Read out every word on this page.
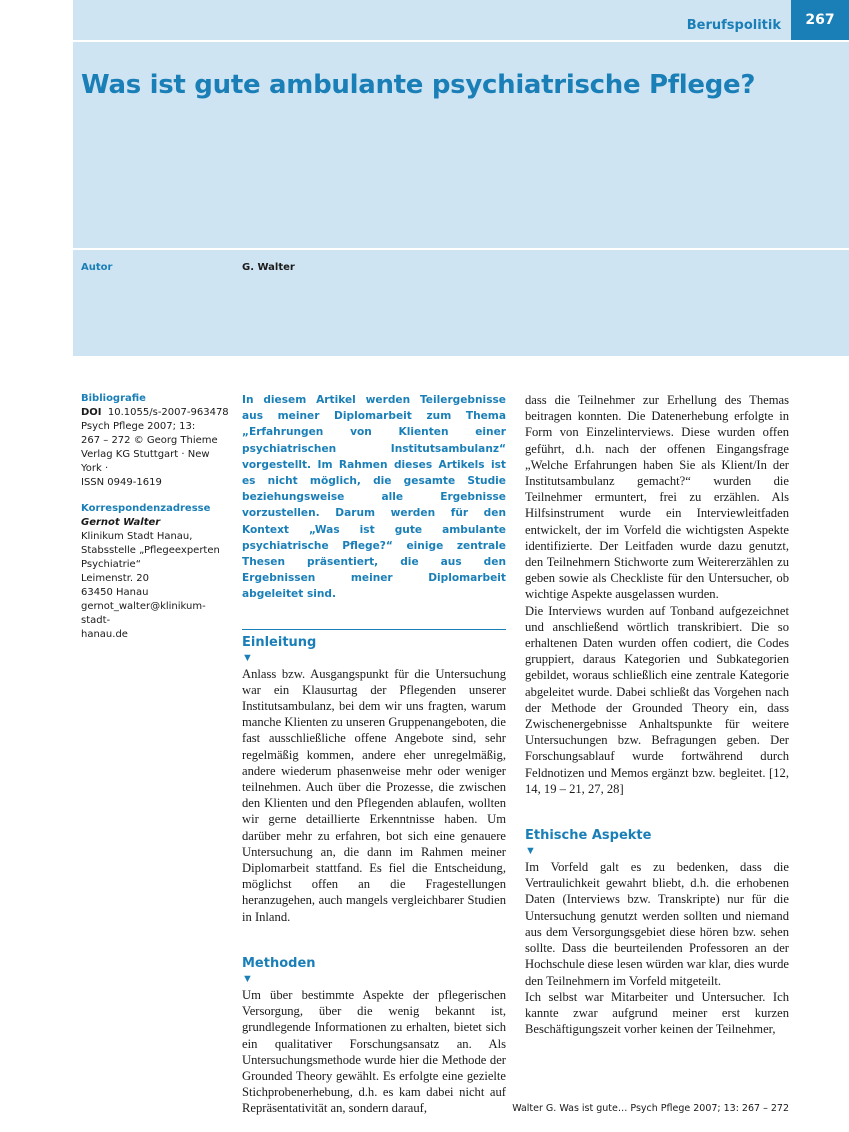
Berufspolitik	267
Was ist gute ambulante psychiatrische Pflege?
Autor	G. Walter
Bibliografie
DOI 10.1055/s-2007-963478
Psych Pflege 2007; 13:
267 – 272 © Georg Thieme
Verlag KG Stuttgart · New York ·
ISSN 0949-1619
Korrespondenzadresse
Gernot Walter
Klinikum Stadt Hanau,
Stabsstelle „Pflegeexperten
Psychiatrie“
Leimenstr. 20
63450 Hanau
gernot_walter@klinikum-stadt-
hanau.de

In diesem Artikel werden Teilergebnisse aus meiner Diplomarbeit zum Thema „Erfahrungen von Klienten einer psychiatrischen Institutsambulanz“ vorgestellt. Im Rahmen dieses Artikels ist es nicht möglich, die gesamte Studie beziehungsweise alle Ergebnisse vorzustellen. Darum werden für den Kontext „Was ist gute ambulante psychiatrische Pflege?“ einige zentrale Thesen präsentiert, die aus den Ergebnissen meiner Diplomarbeit abgeleitet sind.

Einleitung
▼

Anlass bzw. Ausgangspunkt für die Untersuchung war ein Klausurtag der Pflegenden unserer Institutsambulanz, bei dem wir uns fragten, warum manche Klienten zu unseren Gruppenangeboten, die fast ausschließliche offene Angebote sind, sehr regelmäßig kommen, andere eher unregelmäßig, andere wiederum phasenweise mehr oder weniger teilnehmen. Auch über die Prozesse, die zwischen den Klienten und den Pflegenden ablaufen, wollten wir gerne detaillierte Erkenntnisse haben. Um darüber mehr zu erfahren, bot sich eine genauere Untersuchung an, die dann im Rahmen meiner Diplomarbeit stattfand. Es fiel die Entscheidung, möglichst offen an die Fragestellungen heranzugehen, auch mangels vergleichbarer Studien in Inland.

Methoden
▼

Um über bestimmte Aspekte der pflegerischen Versorgung, über die wenig bekannt ist, grundlegende Informationen zu erhalten, bietet sich ein qualitativer Forschungsansatz an. Als Untersuchungsmethode wurde hier die Methode der Grounded Theory gewählt. Es erfolgte eine gezielte Stichprobenerhebung, d.h. es kam dabei nicht auf Repräsentativität an, sondern darauf,

dass die Teilnehmer zur Erhellung des Themas beitragen konnten. Die Datenerhebung erfolgte in Form von Einzelinterviews. Diese wurden offen geführt, d.h. nach der offenen Eingangsfrage „Welche Erfahrungen haben Sie als Klient/In der Institutsambulanz gemacht?“ wurden die Teilnehmer ermuntert, frei zu erzählen. Als Hilfsinstrument wurde ein Interviewleitfaden entwickelt, der im Vorfeld die wichtigsten Aspekte identifizierte. Der Leitfaden wurde dazu genutzt, den Teilnehmern Stichworte zum Weitererzählen zu geben sowie als Checkliste für den Untersucher, ob wichtige Aspekte ausgelassen wurden.

Die Interviews wurden auf Tonband aufgezeichnet und anschließend wörtlich transkribiert. Die so erhaltenen Daten wurden offen codiert, die Codes gruppiert, daraus Kategorien und Subkategorien gebildet, woraus schließlich eine zentrale Kategorie abgeleitet wurde. Dabei schließt das Vorgehen nach der Methode der Grounded Theory ein, dass Zwischenergebnisse Anhaltspunkte für weitere Untersuchungen bzw. Befragungen geben. Der Forschungsablauf wurde fortwährend durch Feldnotizen und Memos ergänzt bzw. begleitet. [12, 14, 19 – 21, 27, 28]

Ethische Aspekte
▼

Im Vorfeld galt es zu bedenken, dass die Vertraulichkeit gewahrt bliebt, d.h. die erhobenen Daten (Interviews bzw. Transkripte) nur für die Untersuchung genutzt werden sollten und niemand aus dem Versorgungsgebiet diese hören bzw. sehen sollte. Dass die beurteilenden Professoren an der Hochschule diese lesen würden war klar, dies wurde den Teilnehmern im Vorfeld mitgeteilt.

Ich selbst war Mitarbeiter und Untersucher. Ich kannte zwar aufgrund meiner erst kurzen Beschäftigungszeit vorher keinen der Teilnehmer,

Walter G. Was ist gute… Psych Pflege 2007; 13: 267 – 272
